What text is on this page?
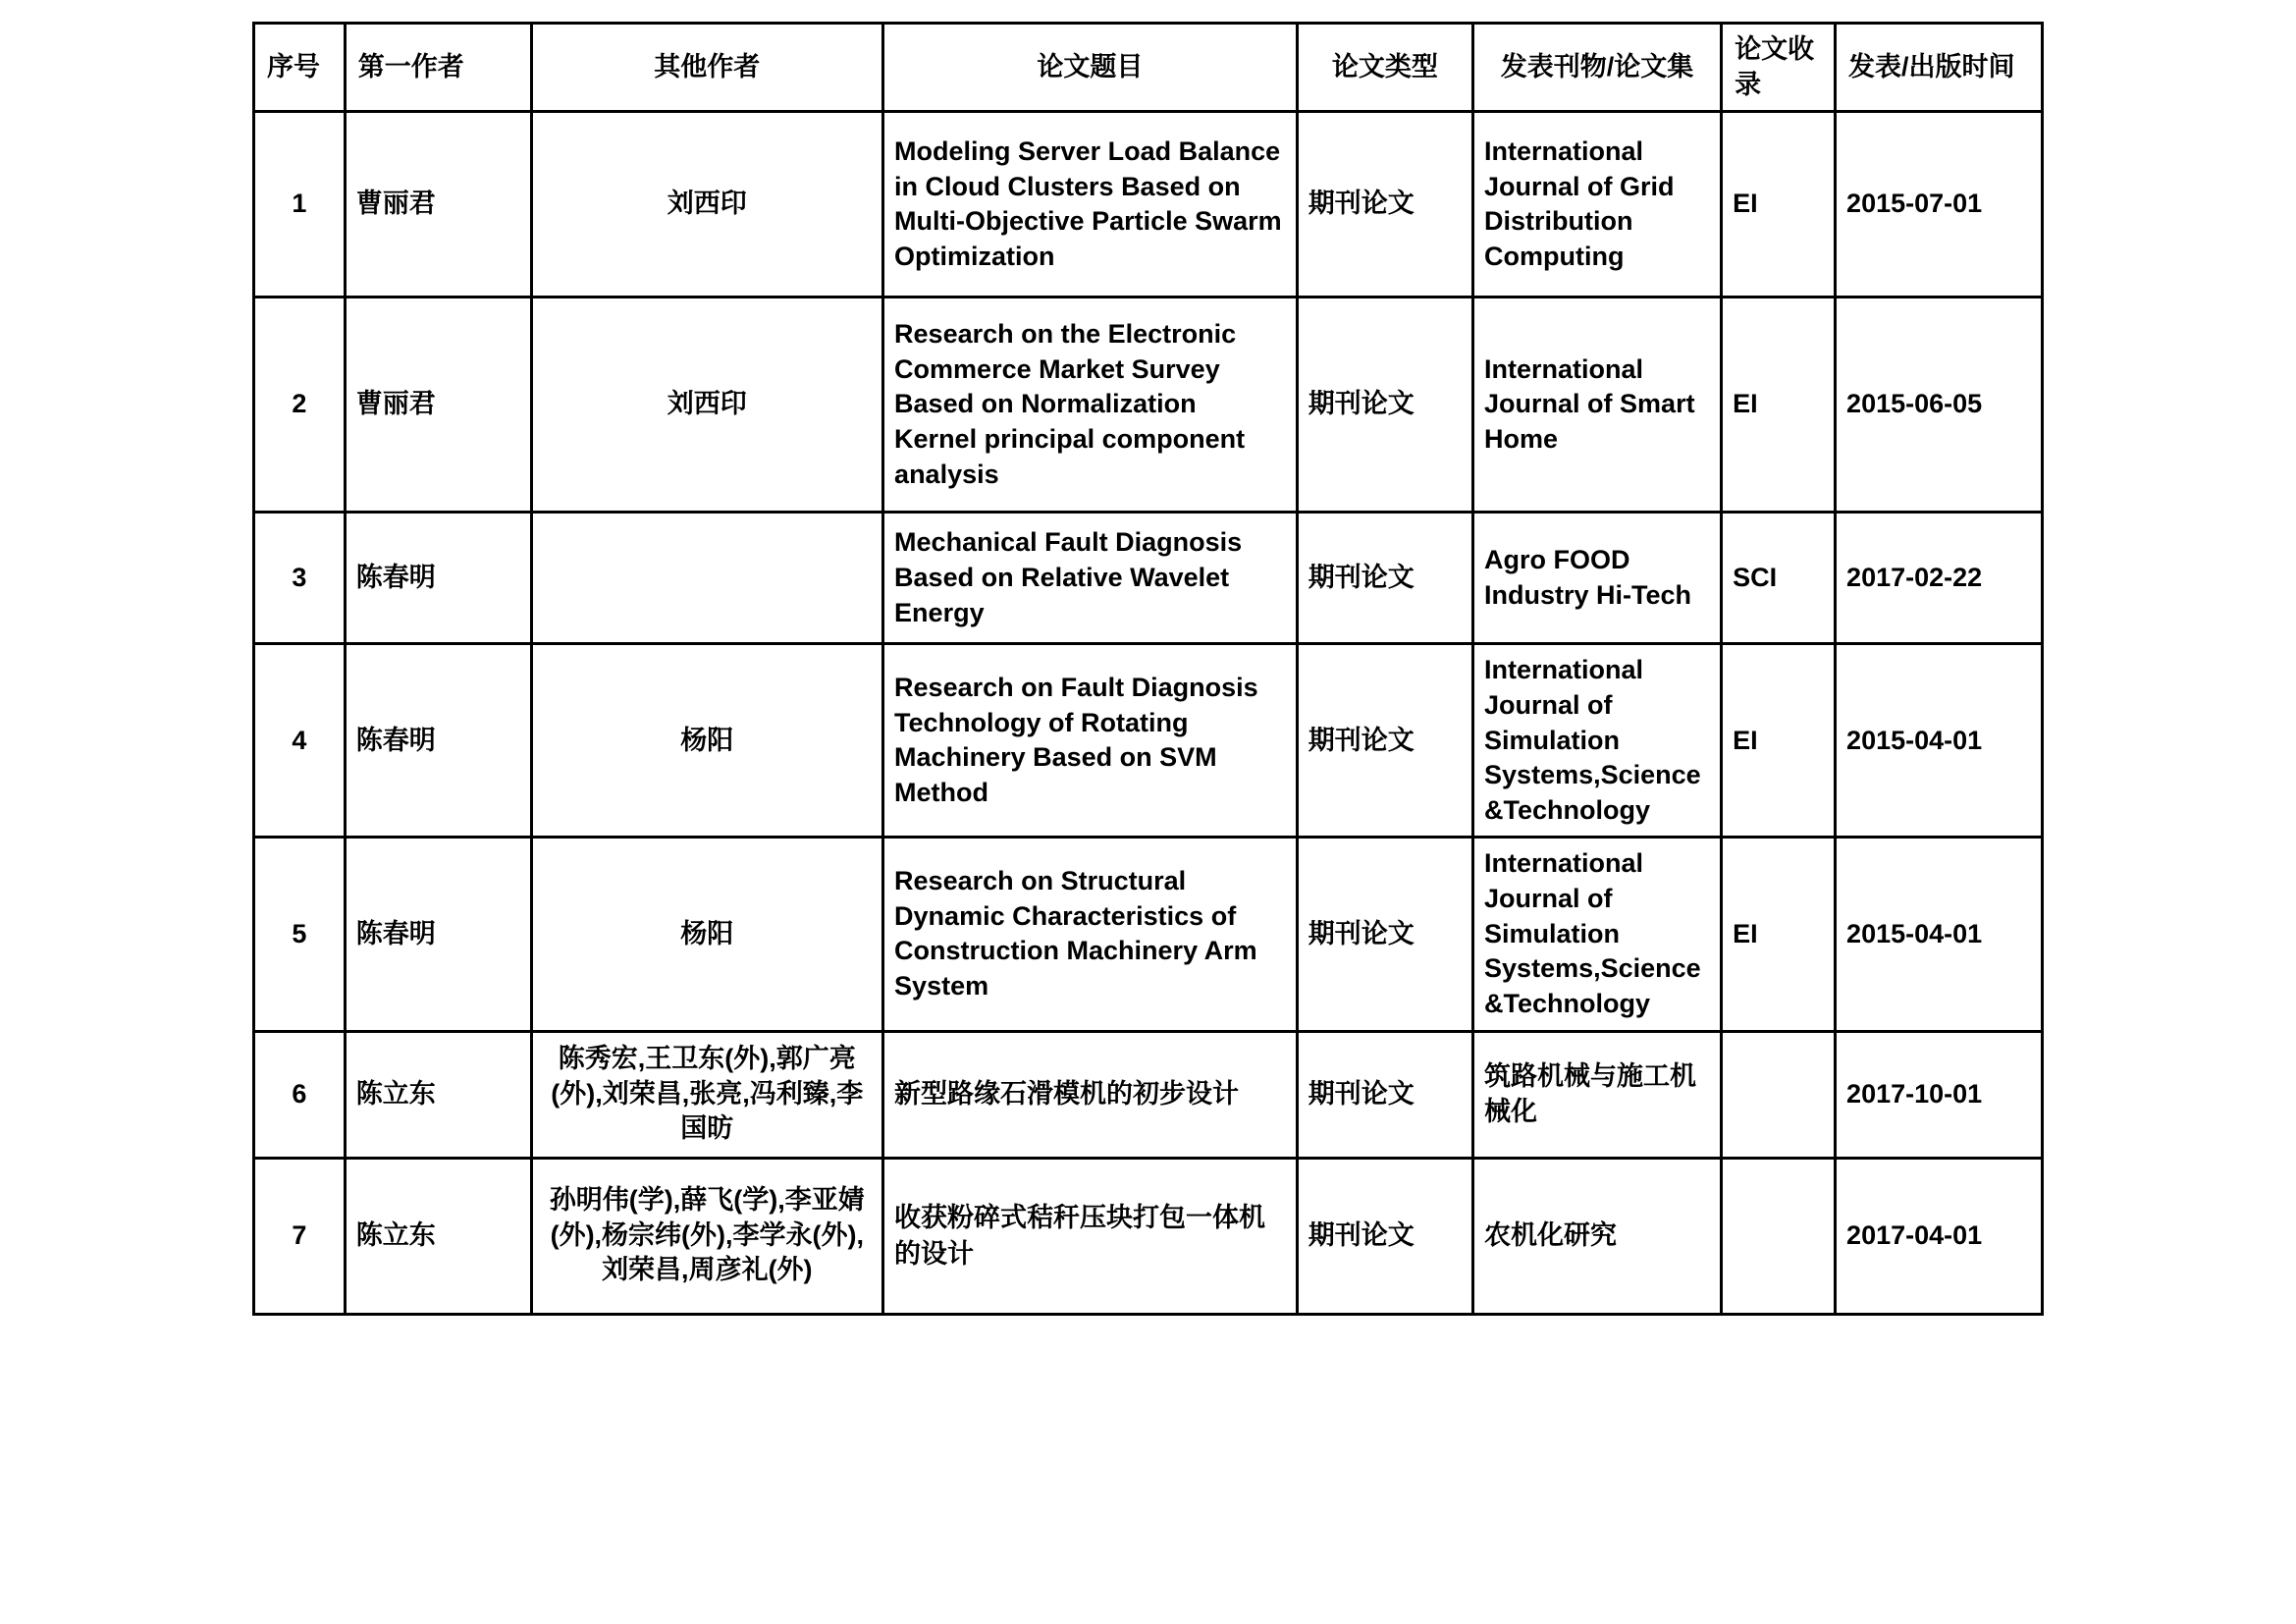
序号	第一作者	其他作者	论文题目	论文类型	发表刊物/论文集	论文收录	发表/出版时间
1	曹丽君	刘西印	Modeling Server Load Balance in Cloud Clusters Based on Multi-Objective Particle Swarm Optimization	期刊论文	International Journal of Grid Distribution Computing	EI	2015-07-01
2	曹丽君	刘西印	Research on the Electronic Commerce Market Survey Based on Normalization Kernel principal component analysis	期刊论文	International Journal of Smart Home	EI	2015-06-05
3	陈春明		Mechanical Fault Diagnosis Based on Relative Wavelet Energy	期刊论文	Agro FOOD Industry Hi-Tech	SCI	2017-02-22
4	陈春明	杨阳	Research on Fault Diagnosis Technology of Rotating Machinery Based on SVM Method	期刊论文	International Journal of Simulation Systems,Science &Technology	EI	2015-04-01
5	陈春明	杨阳	Research on Structural Dynamic Characteristics of Construction Machinery Arm System	期刊论文	International Journal of Simulation Systems,Science &Technology	EI	2015-04-01
6	陈立东	陈秀宏,王卫东(外),郭广亮(外),刘荣昌,张亮,冯利臻,李国昉	新型路缘石滑模机的初步设计	期刊论文	筑路机械与施工机械化		2017-10-01
7	陈立东	孙明伟(学),薛飞(学),李亚婧(外),杨宗纬(外),李学永(外),刘荣昌,周彦礼(外)	收获粉碎式秸秆压块打包一体机的设计	期刊论文	农机化研究		2017-04-01
